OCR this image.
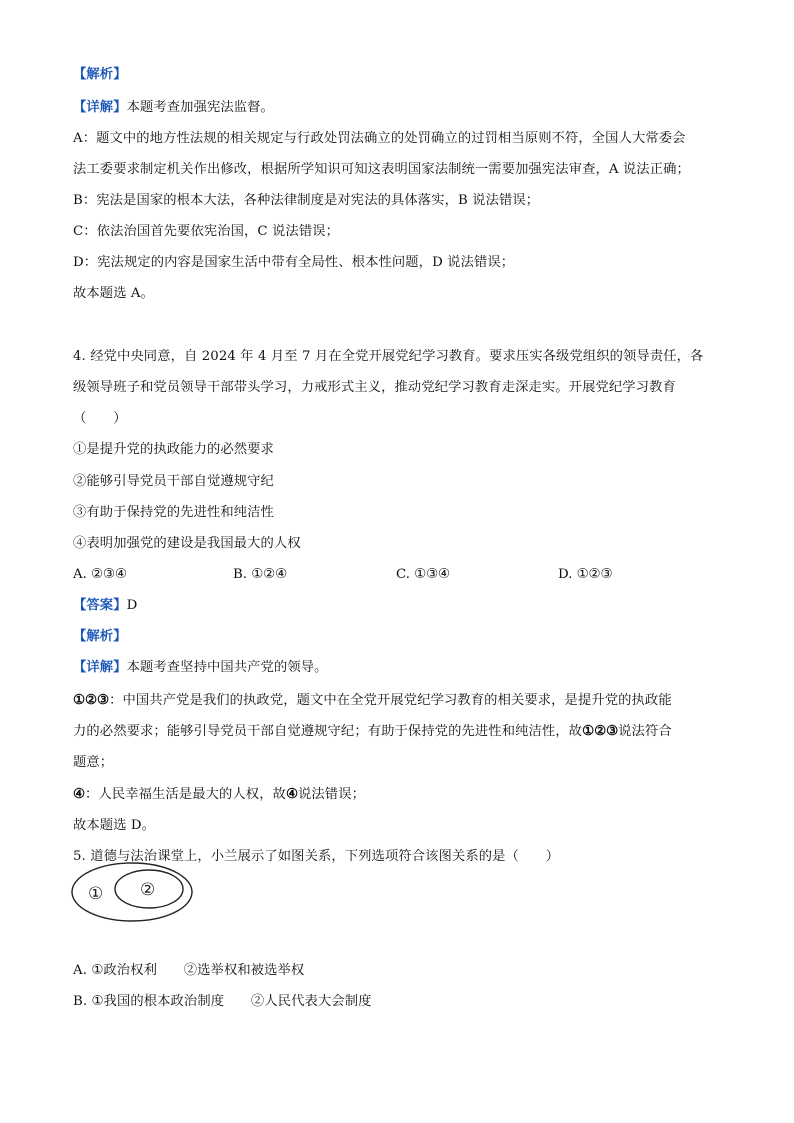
【解析】
【详解】本题考查加强宪法监督。
A：题文中的地方性法规的相关规定与行政处罚法确立的处罚确立的过罚相当原则不符，全国人大常委会
法工委要求制定机关作出修改，根据所学知识可知这表明国家法制统一需要加强宪法审查，A 说法正确；
B：宪法是国家的根本大法，各种法律制度是对宪法的具体落实，B 说法错误；
C：依法治国首先要依宪治国，C 说法错误；
D：宪法规定的内容是国家生活中带有全局性、根本性问题，D 说法错误；
故本题选 A。
4. 经党中央同意，自 2024 年 4 月至 7 月在全党开展党纪学习教育。要求压实各级党组织的领导责任，各
级领导班子和党员领导干部带头学习，力戒形式主义，推动党纪学习教育走深走实。开展党纪学习教育
（　　）
①是提升党的执政能力的必然要求
②能够引导党员干部自觉遵规守纪
③有助于保持党的先进性和纯洁性
④表明加强党的建设是我国最大的人权
A. ②③④	B. ①②④	C. ①③④	D. ①②③
【答案】D
【解析】
【详解】本题考查坚持中国共产党的领导。
①②③：中国共产党是我们的执政党，题文中在全党开展党纪学习教育的相关要求，是提升党的执政能
力的必然要求；能够引导党员干部自觉遵规守纪；有助于保持党的先进性和纯洁性，故①②③说法符合
题意；
④：人民幸福生活是最大的人权，故④说法错误；
故本题选 D。
5. 道德与法治课堂上，小兰展示了如图关系，下列选项符合该图关系的是（　　）
① ②
A. ①政治权利　　②选举权和被选举权
B. ①我国的根本政治制度　　②人民代表大会制度
